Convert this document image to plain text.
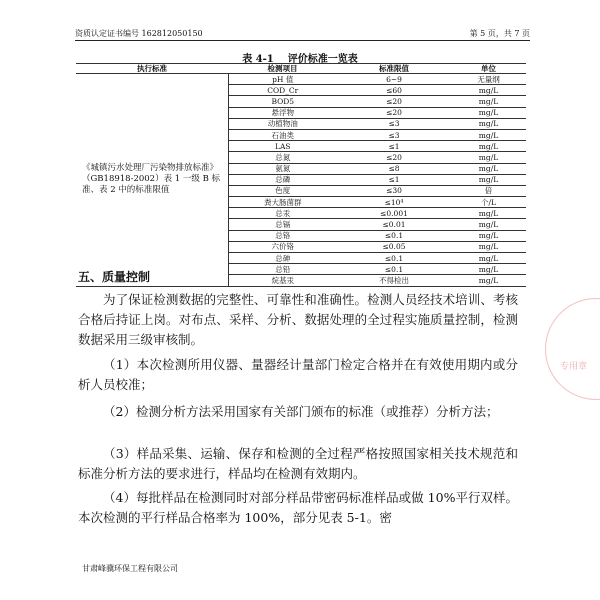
资质认定证书编号 162812050150	第 5 页，共 7 页
表 4-1 评价标准一览表
执行标准	检测项目	标准限值	单位
《城镇污水处理厂污染物排放标准》（GB18918-2002）表 1 一级 B 标准、表 2 中的标准限值	pH 值	6~9	无量纲
	COD_Cr	≤60	mg/L
	BOD5	≤20	mg/L
	悬浮物	≤20	mg/L
	动植物油	≤3	mg/L
	石油类	≤3	mg/L
	LAS	≤1	mg/L
	总氮	≤20	mg/L
	氨氮	≤8	mg/L
	总磷	≤1	mg/L
	色度	≤30	倍
	粪大肠菌群	≤10⁴	个/L
	总汞	≤0.001	mg/L
	总镉	≤0.01	mg/L
	总铬	≤0.1	mg/L
	六价铬	≤0.05	mg/L
	总砷	≤0.1	mg/L
	总铅	≤0.1	mg/L
	烷基汞	不得检出	mg/L
五、质量控制
为了保证检测数据的完整性、可靠性和准确性。检测人员经技术培训、考核合格后持证上岗。对布点、采样、分析、数据处理的全过程实施质量控制，检测数据采用三级审核制。
（1）本次检测所用仪器、量器经计量部门检定合格并在有效使用期内或分析人员校准；
（2）检测分析方法采用国家有关部门颁布的标准（或推荐）分析方法；
（3）样品采集、运输、保存和检测的全过程严格按照国家相关技术规范和标准分析方法的要求进行，样品均在检测有效期内。
（4）每批样品在检测同时对部分样品带密码标准样品或做 10%平行双样。本次检测的平行样品合格率为 100%，部分见表 5-1。密
甘肃峰骥环保工程有限公司
专用章
